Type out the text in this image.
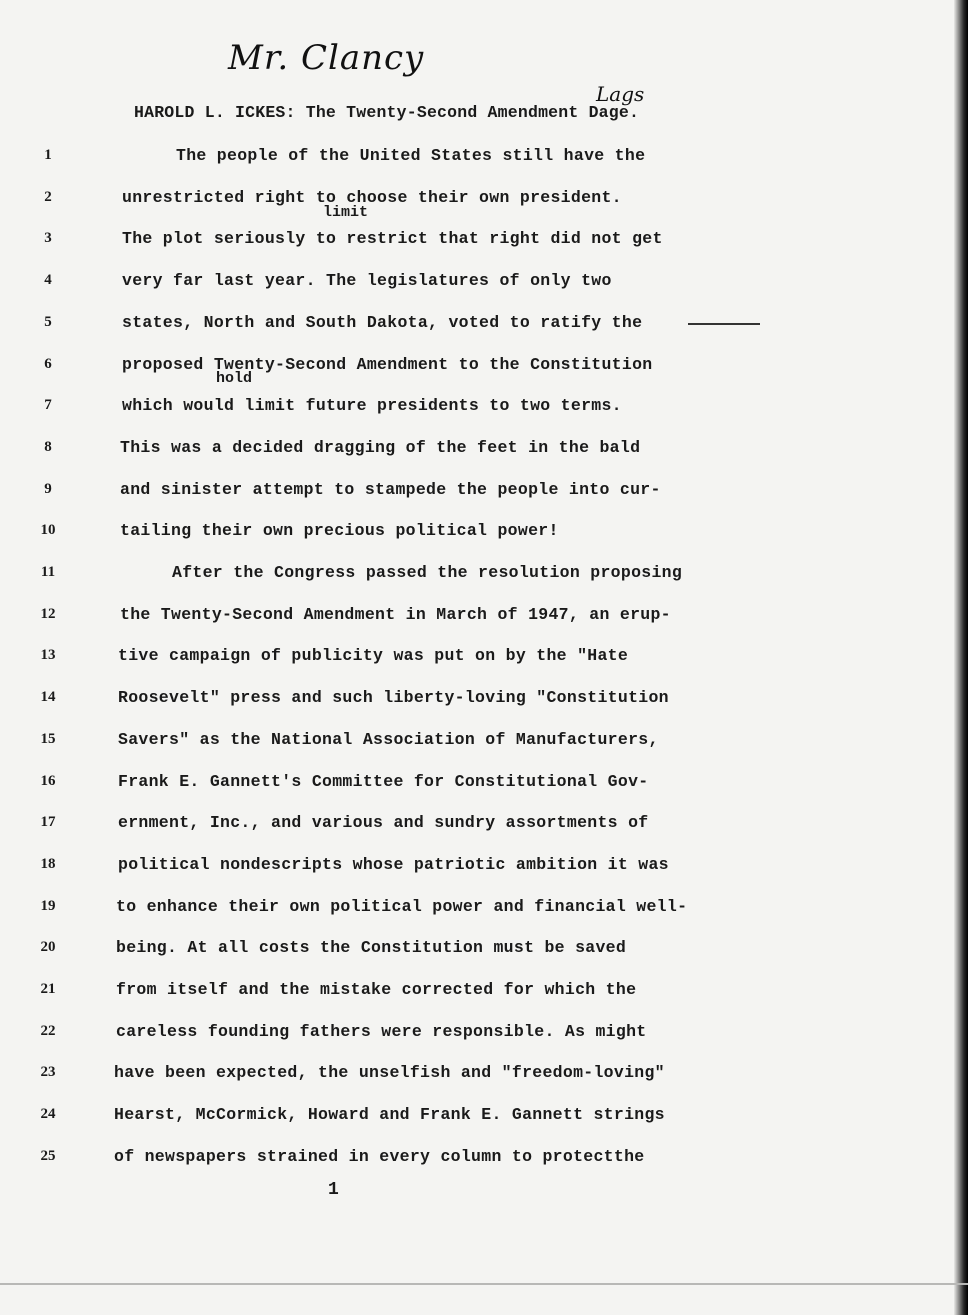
Mr. Clancy
Lags
HAROLD L. ICKES: The Twenty-Second Amendment Dage.
limit
hold
1	The people of the United States still have the
2	unrestricted right to choose their own president.
3	The plot seriously to restrict that right did not get
4	very far last year. The legislatures of only two
5	states, North and South Dakota, voted to ratify the
6	proposed Twenty-Second Amendment to the Constitution
7	which would limit future presidents to two terms.
8	This was a decided dragging of the feet in the bald
9	and sinister attempt to stampede the people into cur-
10	tailing their own precious political power!
11	After the Congress passed the resolution proposing
12	the Twenty-Second Amendment in March of 1947, an erup-
13	tive campaign of publicity was put on by the "Hate
14	Roosevelt" press and such liberty-loving "Constitution
15	Savers" as the National Association of Manufacturers,
16	Frank E. Gannett's Committee for Constitutional Gov-
17	ernment, Inc., and various and sundry assortments of
18	political nondescripts whose patriotic ambition it was
19	to enhance their own political power and financial well-
20	being. At all costs the Constitution must be saved
21	from itself and the mistake corrected for which the
22	careless founding fathers were responsible. As might
23	have been expected, the unselfish and "freedom-loving"
24	Hearst, McCormick, Howard and Frank E. Gannett strings
25	of newspapers strained in every column to protectthe
1
